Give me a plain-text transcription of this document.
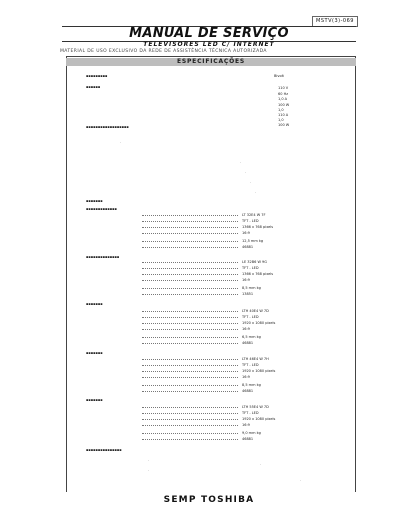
MSTV(3)-069
MANUAL DE SERVIÇO
TELEVISORES LED C/ INTERNET
MATERIAL DE USO EXCLUSIVO DA REDE DE ASSISTÊNCIA TÉCNICA AUTORIZADA
ESPECIFICAÇÕES
▪▪▪▪▪▪▪▪▪	Bivolt
▪▪▪▪▪▪	110 V
60 Hz
1,0 A
100 W
1,0
110 A
1,0
100 W
▪▪▪▪▪▪▪▪▪▪▪▪▪▪▪▪▪▪
·
·
·
·
·
▪▪▪▪▪▪▪
▪▪▪▪▪▪▪▪▪▪▪▪▪
LT 32E4 W 7F
TFT - LED
1366 x 768 pixels
16:9
12,5 mm kg
46881
▪▪▪▪▪▪▪▪▪▪▪▪▪▪
LE 32B6 W 9G
TFT - LED
1366 x 768 pixels
16:9
8,5 mm kg
13851
▪▪▪▪▪▪▪
LTH 40E4 W 7D
TFT - LED
1920 x 1080 pixels
16:9
6,5 mm kg
46881
▪▪▪▪▪▪▪
LTH 46E4 W 7H
TFT - LED
1920 x 1080 pixels
16:9
8,5 mm kg
46881
▪▪▪▪▪▪▪
LTH 55E4 W 7D
TFT - LED
1920 x 1080 pixels
16:9
9,0 mm kg
46881
▪▪▪▪▪▪▪▪▪▪▪▪▪▪▪
·
·
·
·
SEMP TOSHIBA
